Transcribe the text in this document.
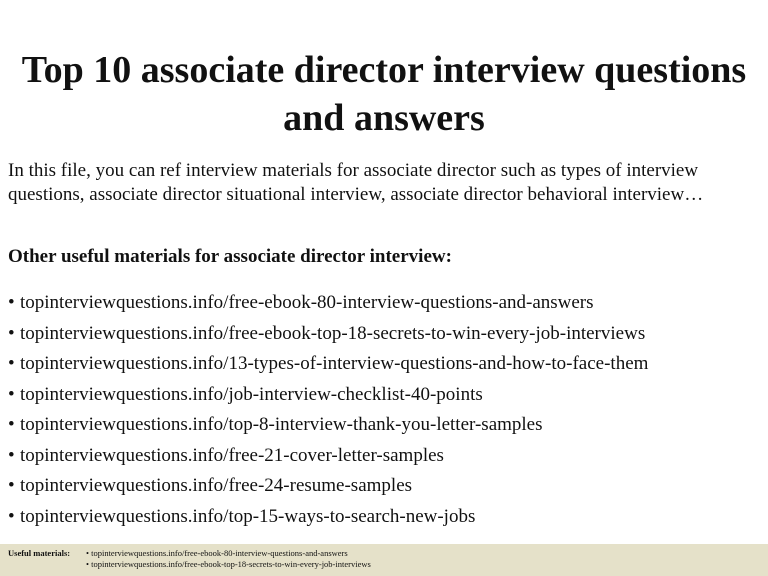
Top 10 associate director interview questions and answers

In this file, you can ref interview materials for associate director such as types of interview questions, associate director situational interview, associate director behavioral interview…

Other useful materials for associate director interview:

• topinterviewquestions.info/free-ebook-80-interview-questions-and-answers
• topinterviewquestions.info/free-ebook-top-18-secrets-to-win-every-job-interviews
• topinterviewquestions.info/13-types-of-interview-questions-and-how-to-face-them
• topinterviewquestions.info/job-interview-checklist-40-points
• topinterviewquestions.info/top-8-interview-thank-you-letter-samples
• topinterviewquestions.info/free-21-cover-letter-samples
• topinterviewquestions.info/free-24-resume-samples
• topinterviewquestions.info/top-15-ways-to-search-new-jobs
Useful materials: • topinterviewquestions.info/free-ebook-80-interview-questions-and-answers
• topinterviewquestions.info/free-ebook-top-18-secrets-to-win-every-job-interviews
